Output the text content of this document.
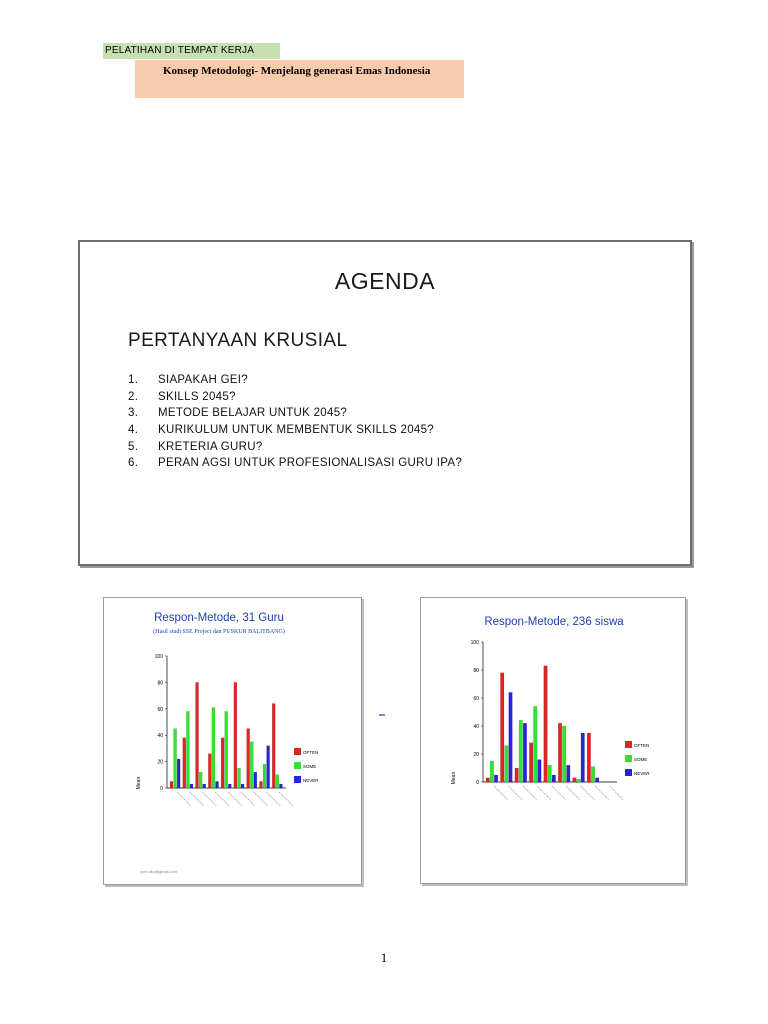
PELATIHAN DI TEMPAT KERJA
Konsep Metodologi- Menjelang generasi Emas Indonesia
AGENDA
PERTANYAAN KRUSIAL
1. SIAPAKAH GEI?
2. SKILLS 2045?
3. METODE BELAJAR UNTUK 2045?
4. KURIKULUM UNTUK MEMBENTUK SKILLS 2045?
5. KRETERIA GURU?
6. PERAN AGSI UNTUK PROFESIONALISASI GURU IPA?
Respon-Metode, 31 Guru
(Hasil studi SSE Project dan PUSKUR BALITBANG)
0
20
40
60
80
100
Mean
OFTEN
SOME
NEVER
yuni.oku@gmail.com
Respon-Metode, 236 siswa
0
20
40
60
80
100
Mean
OFTEN
SOME
NEVER
1
